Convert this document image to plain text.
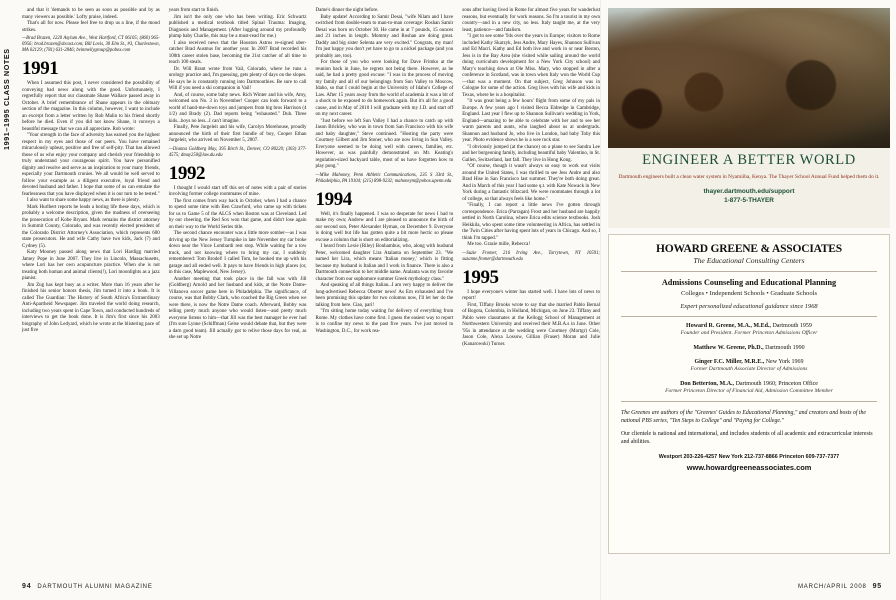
1991–1995 CLASS NOTES

and that it 'demands to be seen as soon as possible and by as many viewers as possible.' Lofty praise, indeed.

That's all for now. Please feel free to drop us a line, if the mood strikes.

—Brad Brazen, 1220 Asylum Ave., West Hartford, CT 06105; (860) 965-0956; brad.brazen@sbcast.com; Bill Lovis, 30 Elm St., #3, Charlestown, MA 02129; (781) 631-2846; bvinmeilygroup@pobox.com

1991

When I assumed this post, I never considered the possibility of conveying bad news along with the good. Unfortunately, I regretfully report that our classmate Shane Wallace passed away in October. A brief remembrance of Shane appears in the obituary section of the magazine. In this column, however, I want to include an excerpt from a letter written by Rob Malin to his friend shortly before he died. Even if you did not know Shane, it conveys a beautiful message that we can all appreciate. Rob wrote:

"Your strength in the face of adversity has earned you the highest respect in my eyes and those of our peers. You have remained miraculously upbeat, positive and free of self-pity. That has allowed those of us who enjoy your company and cherish your friendship to truly understand your courageous spirit. You have personified dignity and resolve and serve as an inspiration to your many friends, especially your Dartmouth cronies. We all would be well served to follow your example as a diligent executive, loyal friend and devoted husband and father. I hope that some of us can emulate the fearlessness that you have displayed when it is our turn to be tested."

I also want to share some happy news, as there is plenty.

Mark Hurlbert reports he leads a boring life these days, which is probably a welcome description, given the madness of overseeing the prosecution of Kobe Bryant. Mark remains the district attorney in Summit County, Colorado, and was recently elected president of the Colorado District Attorney's Association, which represents 600 state prosecutors. He and wife Cathy have two kids, Jack (7) and Cydney (5).

Katy Mooney passed along news that Lori Hardigg married Jamey Pope in June 2007. They live in Lincoln, Massachusetts, where Lori has her own acupuncture practice. When she is not treating both human and animal clients(!), Lori moonlights as a jazz pianist.

Jim Zug has kept busy as a writer. More than 16 years after he finished his senior honors thesis, Jim turned it into a book. It is called The Guardian: The History of South Africa's Extraordinary Anti-Apartheid Newspaper. Jim traveled the world doing research, including two years spent in Cape Town, and conducted hundreds of interviews to get the book done. It is Jim's first since his 2003 biography of John Ledyard, which he wrote at the blistering pace of just five

years from start to finish.

Jim isn't the only one who has been writing. Eric Schwartz published a medical textbook titled Spinal Trauma: Imaging, Diagnosis and Management. (After lugging around my profoundly plump baby Charlie, this may be a must-read for me.)

I also received news that the Houston Astros re-signed uber-catcher Brad Ausmus for another year. In 2007 Brad recorded his 100th career stolen base, becoming the 21st catcher of all time to reach 100 steals.

Dr. Will Brant wrote from Vail, Colorado, where he runs a urology practice and, I'm guessing, gets plenty of days on the slopes. He says he is constantly running into Dartmouthies. Be sure to call Will if you need a ski companion in Vail!

And, of course, some baby news. Rich Winter and his wife, Amy, welcomed son No. 3 in November! Cooper can look forward to a world of hand-me-down toys and jumpers from big bros Harrison (4 1/2) and Brady (2). Dad reports being "exhausted." Duh. Three kids...boys no less...I can't imagine.

Finally, Pete Jurgeleit and his wife, Carolyn Morehouse, proudly announced the birth of their first bundle of boy, Cooper Ethan Jurgeleit, who arrived on November 5, 2007.

—Dianna Goldberg May, 395 Birch St., Denver, CO 80220; (303) 377-4575; dmay250@law.du.edu

1992

I thought I would start off this set of notes with a pair of stories involving former college roommates of mine.

The first comes from way back in October, when I had a chance to spend some time with Ben Crawford, who came up with tickets for us to Game 5 of the ALCS when Boston was at Cleveland. Led by our cheering, the Red Sox won that game, and didn't lose again on their way to the World Series title.

The second chance encounter was a little more somber—as I was driving up the New Jersey Turnpike in late November my car broke down near the Vince Lombardi rest stop. While waiting for a tow truck, and not knowing where to bring my car, I suddenly remembered: Tom Brodel! I called Tom, he hooked me up with his garage and all ended well. It pays to have friends in high places (or, in this case, Maplewood, New Jersey).

Another meeting that took place in the fall was with Jill (Goldberg) Arnold and her husband and kids, at the Notre Dame-Villanova soccer game here in Philadelphia. The significance, of course, was that Bobby Clark, who coached the Big Green when we were there, is now the Notre Dame coach. Afterward, Bobby was telling pretty much anyone who would listen—and pretty much everyone listens to him—that Jill was the best manager he ever had (I'm sure Lynne (Schiffman) Gelse would debate that, but they were a darn good team). Jill actually got to relive those days for real, as she set up Notre

Dame's dinner the night before.

Baby update! According to Samir Desai, "wife Nilam and I have switched from double-team to man-to-man coverage: Roshan Samir Desai was born on October 30. He came in at 7 pounds, 15 ounces and 21 inches in length. Mommy and Roshan are doing great. Daddy and big sister Selenta are very excited." Congrats, my man! I'm just happy you don't yet have to go to a nickel package (and you probably are, too).

For those of you who were looking for Dave Frimko at the reunion back in June, he regrets not being there. However, as he said, he had a pretty good excuse: "I was in the process of moving my family and all of our belongings from Sun Valley to Moscow, Idaho, so that I could begin at the University of Idaho's College of Law. After 15 years away from the world of academia it was a bit of a shock to be exposed to do homework again. But it's all for a good cause, and in May of 2010 I will graduate with my J.D. and start off on my next career.

"Just before we left Sun Valley I had a chance to catch up with Jason Brickley, who was in town from San Francisco with his wife and baby daughter," Steve continued. "Hosting the party were Courtney Gilbert and Jim Stoner, who are now living in Sun Valley. Everyone seemed to be doing well with careers, families, etc. However, as was painfully demonstrated on Mr. Keating's regulation-sized backyard table, most of us have forgotten how to play pong."

—Mike Mahoney, Penn Athletic Communications, 235 S 33rd St., Philadelphia, PA 19104; (215) 898-9232; mahoneym@pobox.upenn.edu

1994

Well, it's finally happened. I was so desperate for news I had to make my own; Andrew and I are pleased to announce the birth of our second son, Peter Alexander Hyman, on December 9. Everyone is doing well but life has gotten quite a bit more hectic so please excuse a column that is short on editorializing.

I heard from Lexie (Riley) Bonhambus, who, along with husband Peter, welcomed daughter Lira Atalanta on September 23. "We named her Lira, which means 'Italian money,' which is fitting because my husband is Italian and I work in finance. There is also a Dartmouth connection to her middle name. Atalanta was my favorite character from our sophomore summer Greek mythology class."

And speaking of all things Italian...I am very happy to deliver the long-advertised Rebecca Oberter news! As Em exhausted and I've been promising this update for two columns now, I'll let her do the talking from here. Ciao, pari!

"I'm sitting home today waiting for delivery of everything from Rome. My clothes have come first. I guess the easiest way to report is to confine my news to the past five years. I've just moved to Washington, D.C., for work rea-

sons after having lived in Rome for almost five years for wanderlust reasons, but eventually for work reasons. So I'm a tourist in my own country—and in a new city, no less. Italy taught me, at the very least, patience—and fatalism.

"I got to see some '94s over the years in Europe; visitors to Rome included Kathy Skarzyk, Jess Andre, Mary Hayes, Shannon Sullivan and Ed Macri. Kathy and Ed both live and work in or near Boston, Jess is in the Bay Area (she visited while sailing around the world doing curriculum development for a New York City school) and Mary's teaching down at Ole Miss. Mary, who stopped in after a conference in Scotland, was in town when Italy won the World Cup—that was a moment. On that subject, Greg Johnson was in Cologne for some of the action. Greg lives with his wife and kids in Texas, where he is a hospitalist.

"It was great being a few hours' flight from some of my pals in Europe. A few years ago I visited Becca Eldredge in Cambridge, England. Last year I flew up to Shannon Sullivan's wedding in York, England—amazing to be able to celebrate with her and to see her warm parents and aunts, who laughed about us at undergrads. Shannon and husband Jo, who live in London, had baby Toby this year. Photo evidence shows he is a wee rock star.

"I obviously jumped (at the chance) on a plane to see Sandra Lee and her burgeoning family, including beautiful baby Valentino, in St. Gallen, Switzerland, last fall. They live in Hong Kong.

"Of course, though it wasn't always so easy to work out visits around the United States, I was thrilled to see Jess Andre and also Brad Hise in San Francisco last summer. They're both doing great. And in March of this year I had some q.t. with Kate Nowack in New York during a fantastic blitzcard. We were roommates through a lot of college, so that always feels like home."

"Finally, I can report a little news I've gotten through correspondence. Erica (Parragan) Frost and her husband are happily settled in North Carolina, where Erica edits science textbooks. Josh Heikkila, who spent some time volunteering in Africa, has settled in the Twin Cities after having spent lots of years in Chicago. And so, I think I'm tapped."

Me too. Grazie mille, Rebecca!

—Suzie Fromer, 216 Irving Ave., Tarrytown, NY 10591; suzanne.fromer@dartmouth.edu

1995

I hope everyone's winter has started well. I have lots of news to report!

First, Tiffany Brooks wrote to say that she married Pablo Bernal of Bogota, Colombia, in Holland, Michigan, on June 23. Tiffany and Pablo were classmates at the Kellogg School of Management at Northwestern University and received their M.B.A.s in June. Other '95s in attendance at the wedding were Courtney (Mortgr) Cole, Jason Cole, Alexa Lossow, Gillian (Fraser) Moran and Julie (Kanarowski) Turner.

ENGINEER A BETTER WORLD
Dartmouth engineers built a clean water system in Nyamiiba, Kenya. The Thayer School Annual Fund helped them do it.
thayer.dartmouth.edu/support
1-877-5-THAYER
HOWARD GREENE & ASSOCIATES
The Educational Consulting Centers
Admissions Counseling and Educational Planning
Colleges • Independent Schools • Graduate Schools
Expert personalized educational guidance since 1968
Howard R. Greene, M.A., M.Ed., Dartmouth 1959
Founder and President. Former Princeton Admissions Officer
Matthew W. Greene, Ph.D., Dartmouth 1990
Ginger F.C. Miller, M.R.E., New York 1969
Former Dartmouth Associate Director of Admissions
Don Betterton, M.A., Dartmouth 1960; Princeton Office
Former Princeton Director of Financial Aid, Admission Committee Member
The Greenes are authors of the "Greenes' Guides to Educational Planning," and creators and hosts of the national PBS series, "Ten Steps to College" and "Paying for College."
Our clientele is national and international, and includes students of all academic and extracurricular interests and abilities.
Westport 203-226-4257 New York 212-737-8866 Princeton 609-737-7377
www.howardgreeneassociates.com
94 DARTMOUTH ALUMNI MAGAZINE	MARCH/APRIL 2008 95
